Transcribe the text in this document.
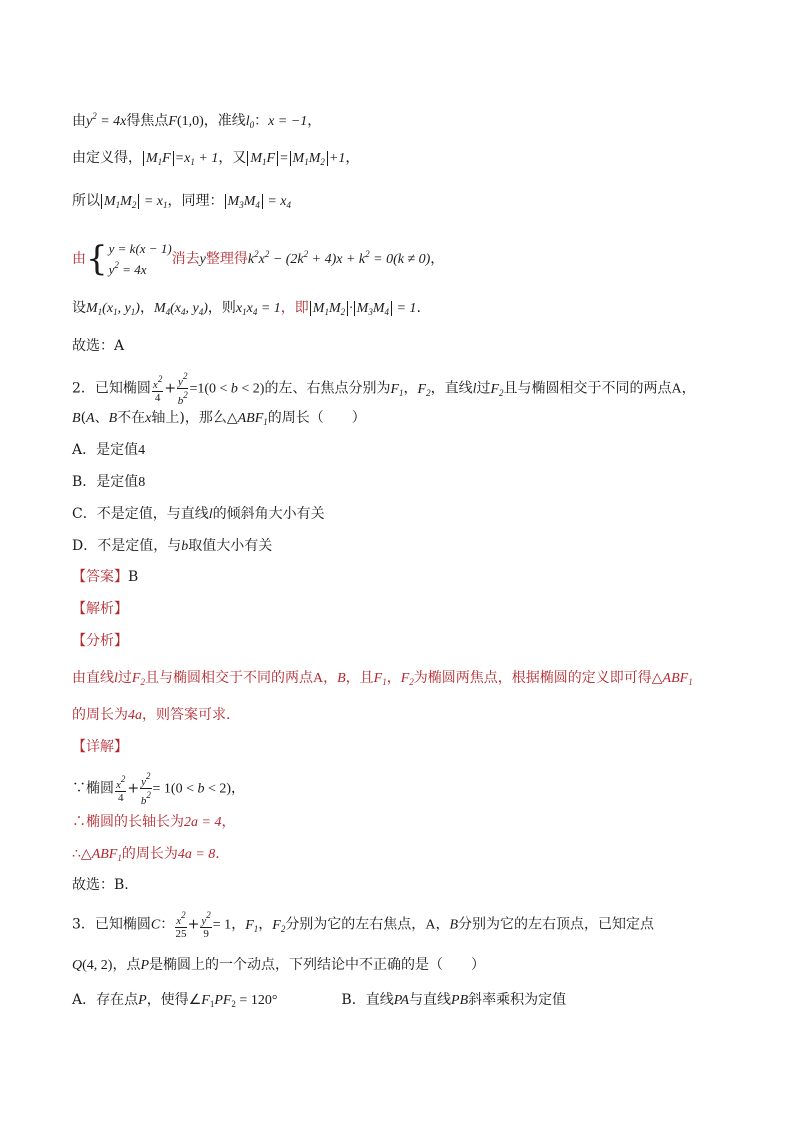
由$y^2 = 4x$得焦点F(1,0)，准线$l_0$：x = −1，
由定义得， $M_1F =x_1 + 1$，又 $M_1F = M_1M_2 +1$，
所以 $M_1M_2 = x_1$，同理： $M_3M_4 = x_4$
由 { y = k(x − 1)
$y^2 = 4x$
消去y整理得$k^2x^2 - (2k^2 + 4)x + k^2 = 0(k \ne 0)$，
设$M_1(x_1$, $y_1$)，$M_4(x_4$, $y_4$)，则$x_1x_4 = 1$，即 $M_1M_2 \cdot M_3M_4 = 1$.
故选：A
2．已知椭圆 $\frac{x^2}{4} + \frac{y^2}{b^2} =1(0 < b < 2)$的左、右焦点分别为$F_1$，$F_2$，直线l过$F_2$且与椭圆相交于不同的两点A，
B(A、B不在x轴上)，那么$\triangle ABF_1$的周长（　　）
A．是定值4
B．是定值8
C．不是定值，与直线l的倾斜角大小有关
D．不是定值，与b取值大小有关
【答案】B
【解析】
【分析】
由直线l过$F_2$且与椭圆相交于不同的两点A，B，且$F_1$，$F_2$为椭圆两焦点，根据椭圆的定义即可得$\triangle ABF_1$
的周长为4a，则答案可求.
【详解】
∵椭圆 $\frac{x^2}{4} + \frac{y^2}{b^2} = 1(0 < b < 2)$，
∴椭圆的长轴长为2a = 4，
$\therefore\triangle ABF_1$的周长为4a = 8.
故选：B.
3．已知椭圆C： $\frac{x^2}{25} + \frac{y^2}{9} = 1$，$F_1$，$F_2$分别为它的左右焦点，A，B分别为它的左右顶点，已知定点
Q(4, 2)，点P是椭圆上的一个动点，下列结论中不正确的是（　　）
A．存在点P，使得$\angle F_1PF_2 = 120^\circ$	B．直线PA与直线PB斜率乘积为定值
